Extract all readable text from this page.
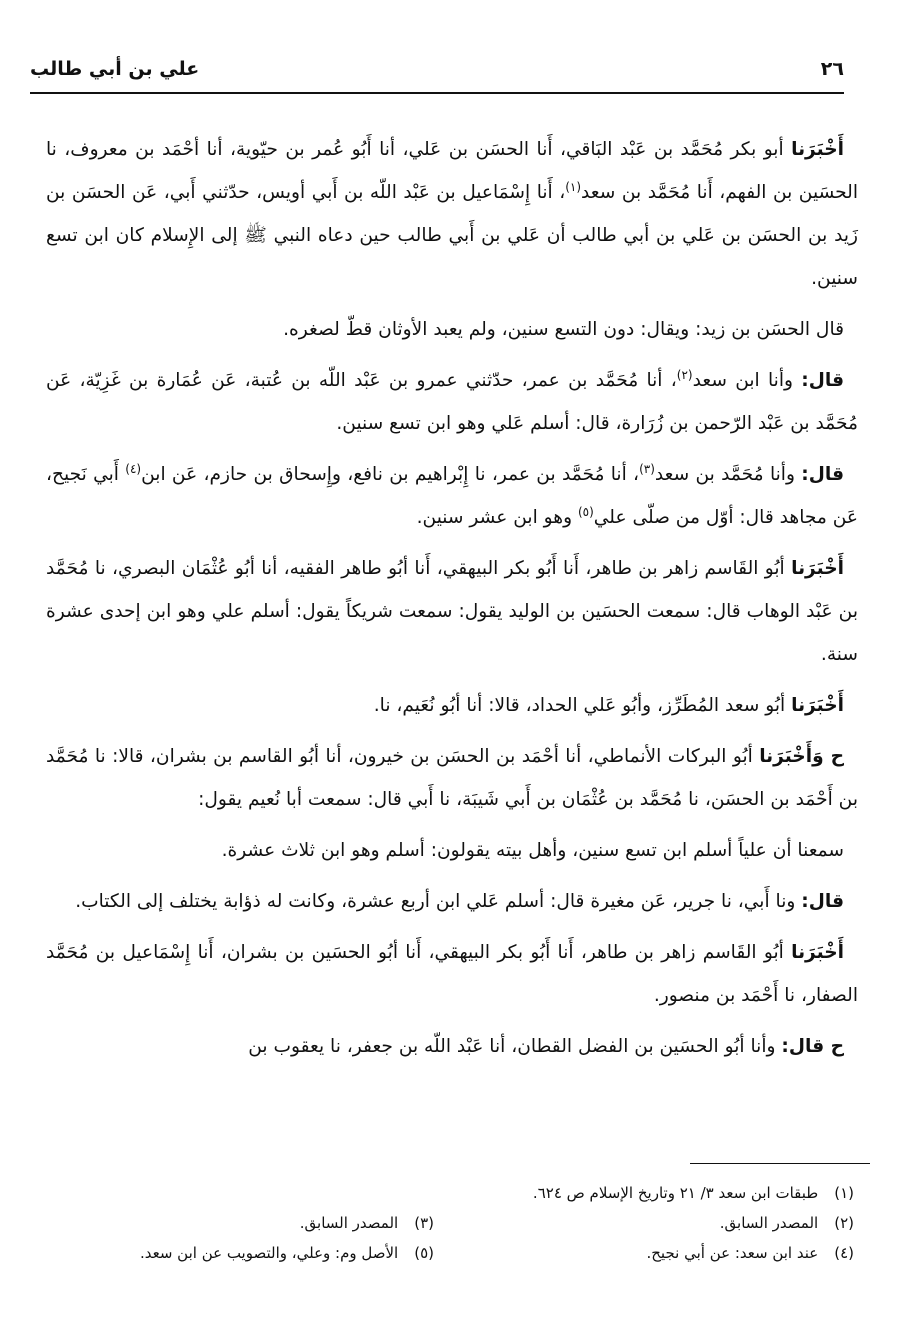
٢٦
علي بن أبي طالب

أَخْبَرَنا أبو بكر مُحَمَّد بن عَبْد البَاقي، أَنا الحسَن بن عَلي، أنا أَبُو عُمر بن حيّوية، أنا أحْمَد بن معروف، نا الحسَين بن الفهم، أَنا مُحَمَّد بن سعد$^{(١)}$، أَنا إِسْمَاعيل بن عَبْد اللّه بن أَبي أويس، حدّثني أَبي، عَن الحسَن بن زَيد بن الحسَن بن عَلي بن أبي طالب أن عَلي بن أَبي طالب حين دعاه النبي ﷺ إلى الإِسلام كان ابن تسع سنين.

قال الحسَن بن زيد: ويقال: دون التسع سنين، ولم يعبد الأوثان قطّ لصغره.

قال: وأنا ابن سعد$^{(٢)}$، أنا مُحَمَّد بن عمر، حدّثني عمرو بن عَبْد اللّه بن عُتبة، عَن عُمَارة بن غَزِيّة، عَن مُحَمَّد بن عَبْد الرّحمن بن زُرَارة، قال: أسلم عَلي وهو ابن تسع سنين.

قال: وأنا مُحَمَّد بن سعد$^{(٣)}$، أنا مُحَمَّد بن عمر، نا إِبْراهيم بن نافع، وإِسحاق بن حازم، عَن ابن$^{(٤)}$ أَبي نَجيح، عَن مجاهد قال: أوّل من صلّى علي$^{(٥)}$ وهو ابن عشر سنين.

أَخْبَرَنا أبُو القَاسم زاهر بن طاهر، أَنا أَبُو بكر البيهقي، أَنا أبُو طاهر الفقيه، أنا أبُو عُثْمَان البصري، نا مُحَمَّد بن عَبْد الوهاب قال: سمعت الحسَين بن الوليد يقول: سمعت شريكاً يقول: أسلم علي وهو ابن إحدى عشرة سنة.

أَخْبَرَنا أبُو سعد المُطَرِّز، وأبُو عَلي الحداد، قالا: أنا أبُو نُعَيم، نا.

ح وَأَخْبَرَنا أبُو البركات الأنماطي، أنا أحْمَد بن الحسَن بن خيرون، أنا أبُو القاسم بن بشران، قالا: نا مُحَمَّد بن أَحْمَد بن الحسَن، نا مُحَمَّد بن عُثْمَان بن أَبي شَيبَة، نا أَبي قال: سمعت أبا نُعيم يقول:

سمعنا أن علياً أسلم ابن تسع سنين، وأهل بيته يقولون: أسلم وهو ابن ثلاث عشرة.

قال: ونا أَبي، نا جرير، عَن مغيرة قال: أسلم عَلي ابن أربع عشرة، وكانت له ذؤابة يختلف إلى الكتاب.

أَخْبَرَنا أبُو القَاسم زاهر بن طاهر، أَنا أَبُو بكر البيهقي، أَنا أبُو الحسَين بن بشران، أَنا إِسْمَاعيل بن مُحَمَّد الصفار، نا أَحْمَد بن منصور.

ح قال: وأنا أبُو الحسَين بن الفضل القطان، أنا عَبْد اللّه بن جعفر، نا يعقوب بن

(١)طبقات ابن سعد ٣/ ٢١ وتاريخ الإسلام ص ٦٢٤.
(٢)المصدر السابق.
(٣)المصدر السابق.
(٤)عند ابن سعد: عن أبي نجيح.
(٥)الأصل وم: وعلي، والتصويب عن ابن سعد.
